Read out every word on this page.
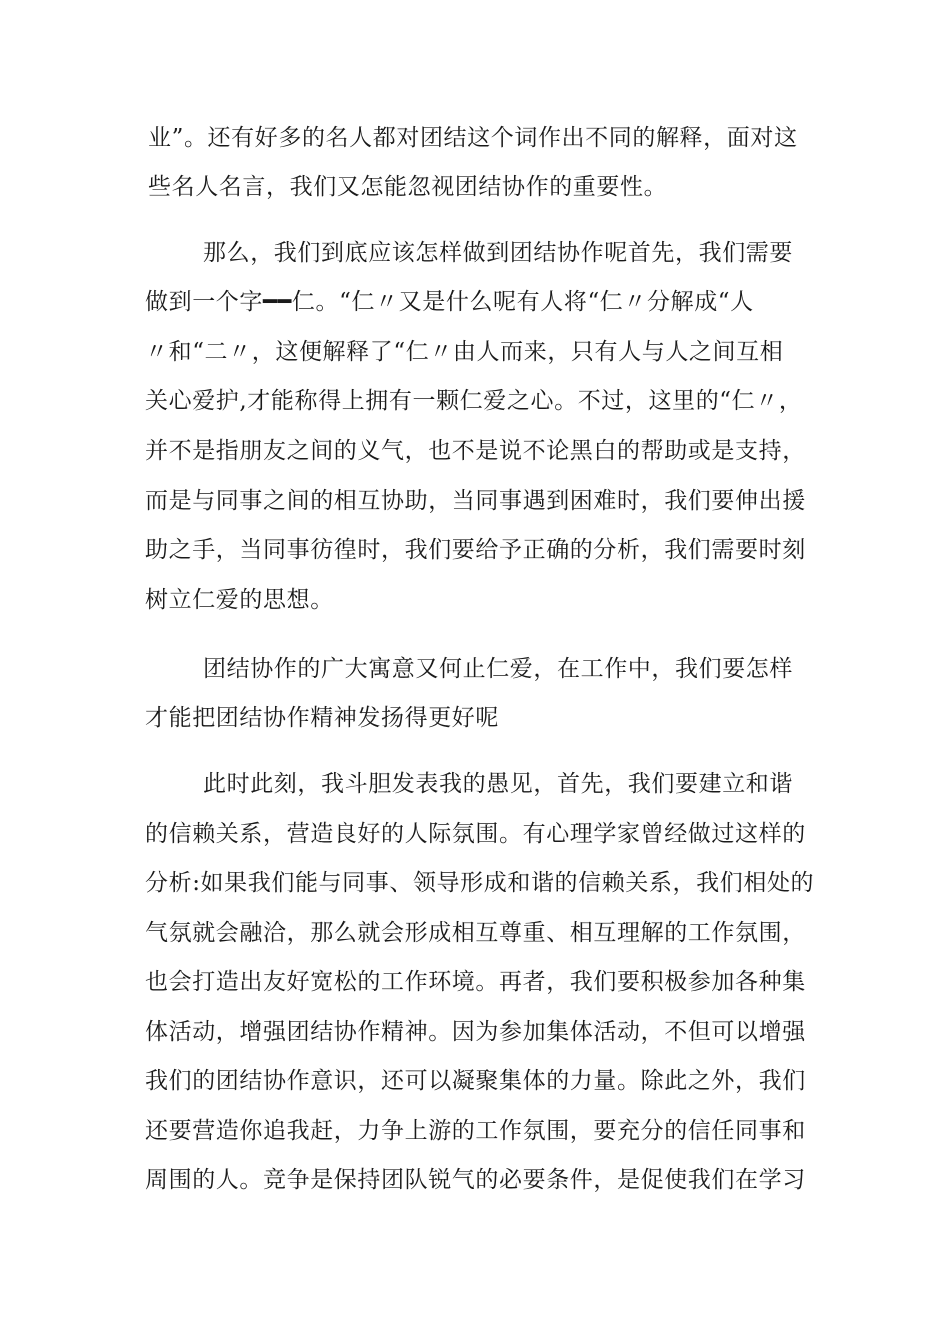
业”。还有好多的名人都对团结这个词作出不同的解释，面对这
些名人名言，我们又怎能忽视团结协作的重要性。
那么，我们到底应该怎样做到团结协作呢首先，我们需要
做到一个字━━仁。“仁〃又是什么呢有人将“仁〃分解成“人
〃和“二〃，这便解释了“仁〃由人而来，只有人与人之间互相
关心爱护,才能称得上拥有一颗仁爱之心。不过，这里的“仁〃，
并不是指朋友之间的义气，也不是说不论黑白的帮助或是支持，
而是与同事之间的相互协助，当同事遇到困难时，我们要伸出援
助之手，当同事彷徨时，我们要给予正确的分析，我们需要时刻
树立仁爱的思想。
团结协作的广大寓意又何止仁爱，在工作中，我们要怎样
才能把团结协作精神发扬得更好呢
此时此刻，我斗胆发表我的愚见，首先，我们要建立和谐
的信赖关系，营造良好的人际氛围。有心理学家曾经做过这样的
分析:如果我们能与同事、领导形成和谐的信赖关系，我们相处的
气氛就会融洽，那么就会形成相互尊重、相互理解的工作氛围，
也会打造出友好宽松的工作环境。再者，我们要积极参加各种集
体活动，增强团结协作精神。因为参加集体活动，不但可以增强
我们的团结协作意识，还可以凝聚集体的力量。除此之外，我们
还要营造你追我赶，力争上游的工作氛围，要充分的信任同事和
周围的人。竞争是保持团队锐气的必要条件，是促使我们在学习
